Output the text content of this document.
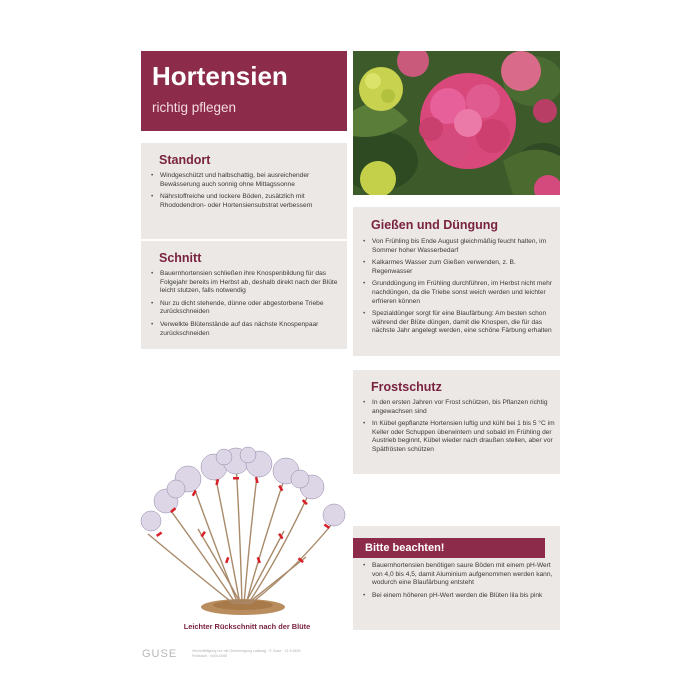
Hortensien
richtig pflegen
Standort
• Windgeschützt und halbschattig, bei ausreichender Bewässerung auch sonnig ohne Mittagssonne
• Nährstoffreiche und lockere Böden, zusätzlich mit Rhododendron- oder Hortensiensubstrat verbessern
Schnitt
• Bauernhortensien schließen ihre Knospenbildung für das Folgejahr bereits im Herbst ab, deshalb direkt nach der Blüte leicht stutzen, falls notwendig
• Nur zu dicht stehende, dünne oder abgestorbene Triebe zurückschneiden
• Verwelkte Blütenstände auf das nächste Knospenpaar zurückschneiden
Gießen und Düngung
• Von Frühling bis Ende August gleichmäßig feucht halten, im Sommer hoher Wasserbedarf
• Kalkarmes Wasser zum Gießen verwenden, z. B. Regenwasser
• Grunddüngung im Frühling durchführen, im Herbst nicht mehr nachdüngen, da die Triebe sonst weich werden und leichter erfrieren können
• Spezialdünger sorgt für eine Blaufärbung: Am besten schon während der Blüte düngen, damit die Knospen, die für das nächste Jahr angelegt werden, eine schöne Färbung erhalten
Frostschutz
• In den ersten Jahren vor Frost schützen, bis Pflanzen richtig angewachsen sind
• In Kübel gepflanzte Hortensien luftig und kühl bei 1 bis 5 °C im Keller oder Schuppen überwintern und sobald im Frühling der Austrieb beginnt, Kübel wieder nach draußen stellen, aber vor Spätfrösten schützen
Bitte beachten!
• Bauernhortensien benötigen saure Böden mit einem pH-Wert von 4,0 bis 4,5, damit Aluminium aufgenommen werden kann, wodurch eine Blaufärbung entsteht
• Bei einem höheren pH-Wert werden die Blüten lila bis pink
Leichter Rückschnitt nach der Blüte
GUSE	Vervielfältigung nur mit Genehmigung zulässig · © Guse · 21 5 6405 Feldstadt · 0406-0008
